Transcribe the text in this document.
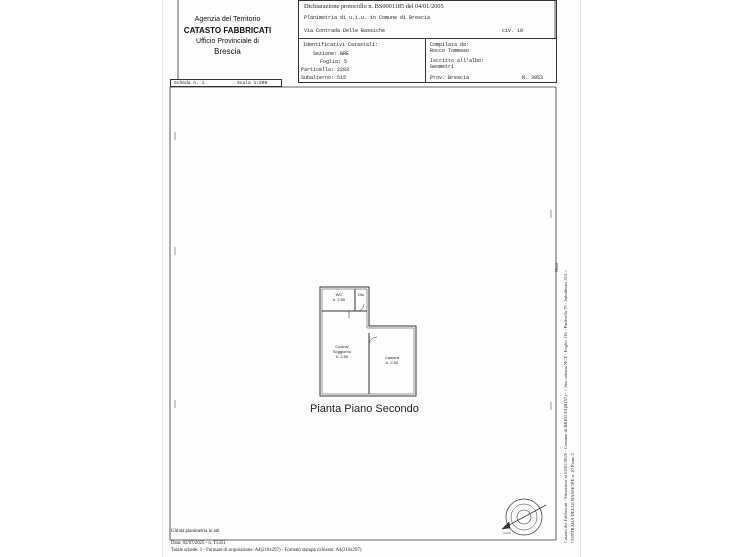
Agenzia del Territorio
CATASTO FABBRICATI
Ufficio Provinciale di
Brescia
Dichiarazione protocollo n. BS0001185 del 04/01/2005
Planimetria di u.i.u. in Comune di Brescia
Via Contrada Delle Bassiche	civ. 10
Identificativi Catastali:
Sezione: BRE
Foglio: 5
Particella: 2283
Subalterno: 515
Compilata da:
Rocco Tommaso
Iscritto all'albo:
Geometri
Prov. Brescia	N. 3953
Scheda n. 1	Scala 1:200
WC
h. 2.50
Dis
Cucina/
Soggiorno
h. 2.50	Camera
h. 2.50
Pianta Piano Secondo
Nord
Catasto dei Fabbricati - Situazione al 02/07/2025 - Comune di BRESCIA(B157) - < Sez. urbana NCT - Foglio 116 - Particella 79 - Subalterno 515 > CONTRADA DELLE BASSICHE n. 10 Piano 2
Ultima planimetria in atti
Data: 02/07/2025 - n. T5351
Totale schede: 1 - Formato di acquisizione: A4(210x297) - Formato stampa richiesto: A4(210x297)
